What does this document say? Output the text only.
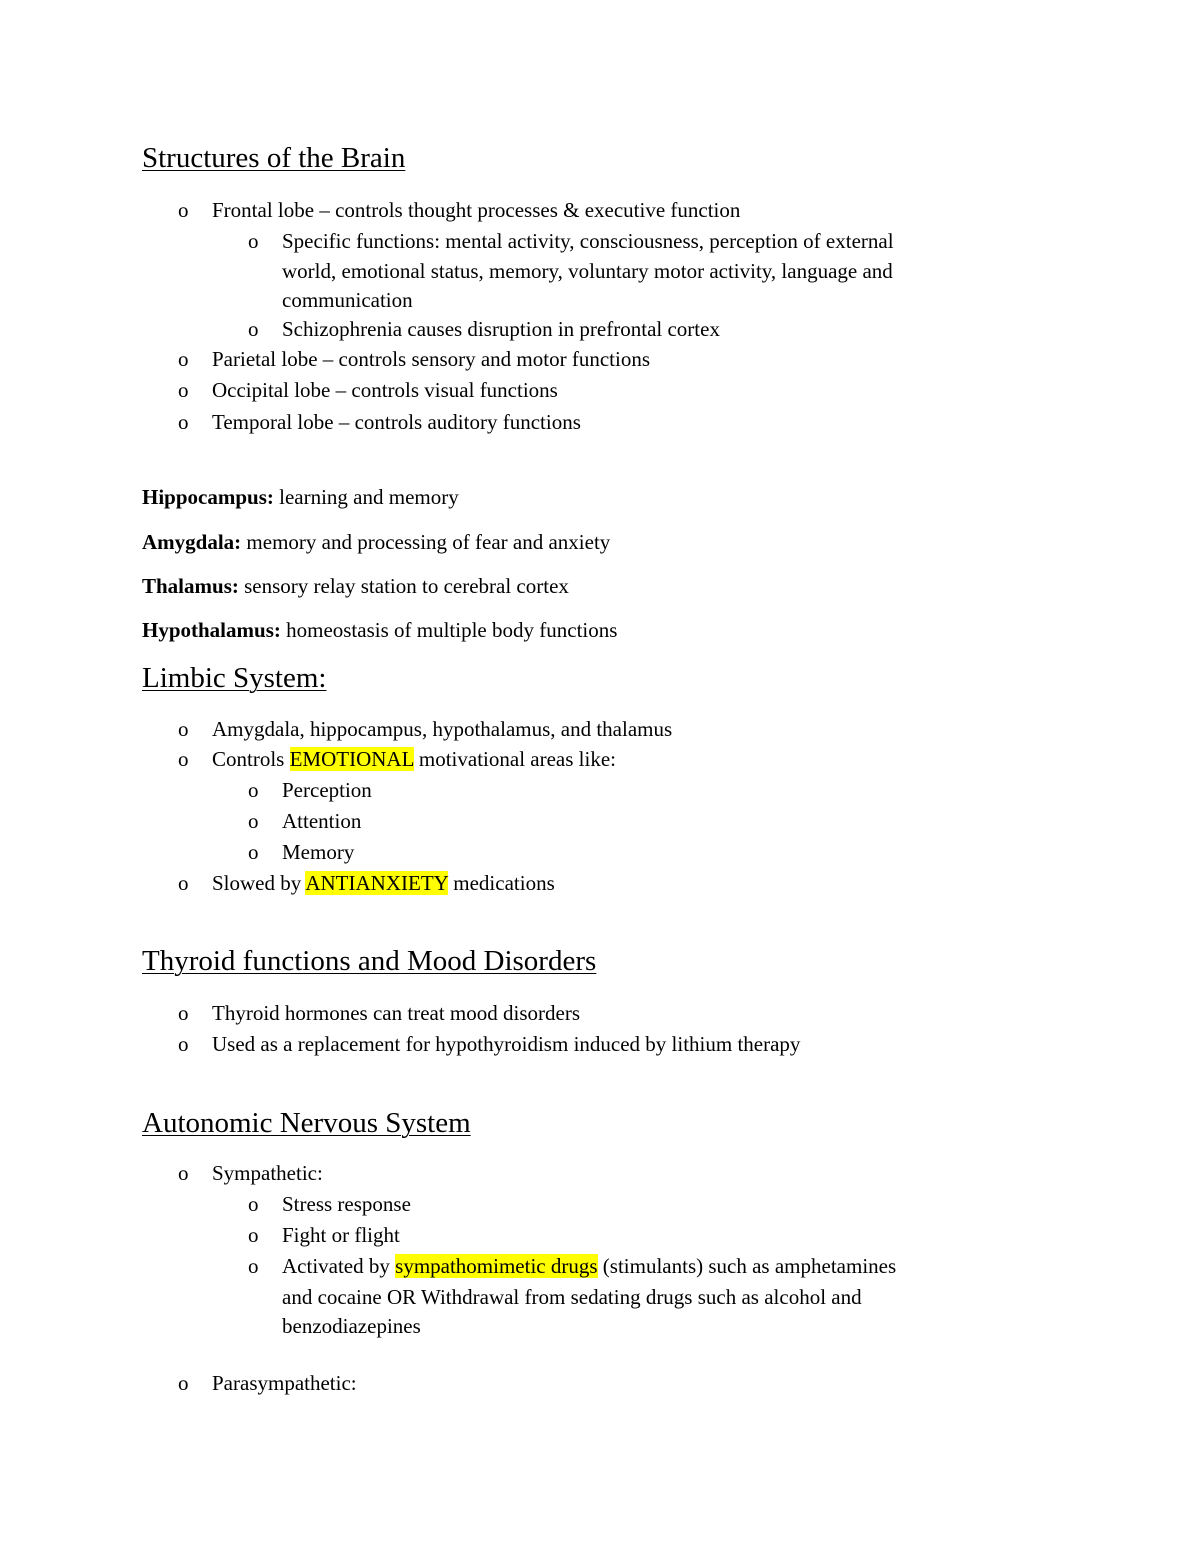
Structures of the Brain
o Frontal lobe – controls thought processes & executive function
o Specific functions: mental activity, consciousness, perception of external
world, emotional status, memory, voluntary motor activity, language and
communication
o Schizophrenia causes disruption in prefrontal cortex
o Parietal lobe – controls sensory and motor functions
o Occipital lobe – controls visual functions
o Temporal lobe – controls auditory functions
Hippocampus: learning and memory
Amygdala: memory and processing of fear and anxiety
Thalamus: sensory relay station to cerebral cortex
Hypothalamus: homeostasis of multiple body functions
Limbic System:
o Amygdala, hippocampus, hypothalamus, and thalamus
o Controls EMOTIONAL motivational areas like:
o Perception
o Attention
o Memory
o Slowed by ANTIANXIETY medications
Thyroid functions and Mood Disorders
o Thyroid hormones can treat mood disorders
o Used as a replacement for hypothyroidism induced by lithium therapy
Autonomic Nervous System
o Sympathetic:
o Stress response
o Fight or flight
o Activated by sympathomimetic drugs (stimulants) such as amphetamines
and cocaine OR Withdrawal from sedating drugs such as alcohol and
benzodiazepines
o Parasympathetic:
